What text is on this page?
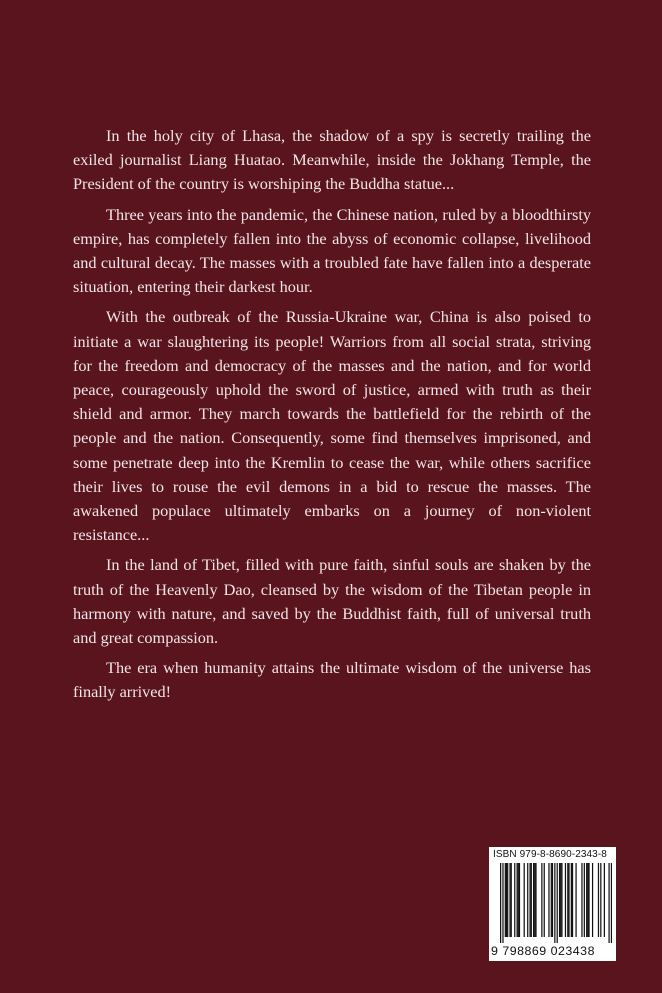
In the holy city of Lhasa, the shadow of a spy is secretly trailing the exiled journalist Liang Huatao. Meanwhile, inside the Jokhang Temple, the President of the country is worshiping the Buddha statue...

Three years into the pandemic, the Chinese nation, ruled by a bloodthirsty empire, has completely fallen into the abyss of economic collapse, livelihood and cultural decay. The masses with a troubled fate have fallen into a desperate situation, entering their darkest hour.

With the outbreak of the Russia-Ukraine war, China is also poised to initiate a war slaughtering its people! Warriors from all social strata, striving for the freedom and democracy of the masses and the nation, and for world peace, courageously uphold the sword of justice, armed with truth as their shield and armor. They march towards the battlefield for the rebirth of the people and the nation. Consequently, some find themselves imprisoned, and some penetrate deep into the Kremlin to cease the war, while others sacrifice their lives to rouse the evil demons in a bid to rescue the masses. The awakened populace ultimately embarks on a journey of non-violent resistance...

In the land of Tibet, filled with pure faith, sinful souls are shaken by the truth of the Heavenly Dao, cleansed by the wisdom of the Tibetan people in harmony with nature, and saved by the Buddhist faith, full of universal truth and great compassion.

The era when humanity attains the ultimate wisdom of the universe has finally arrived!

ISBN 979-8-8690-2343-8
9 798869 023438
